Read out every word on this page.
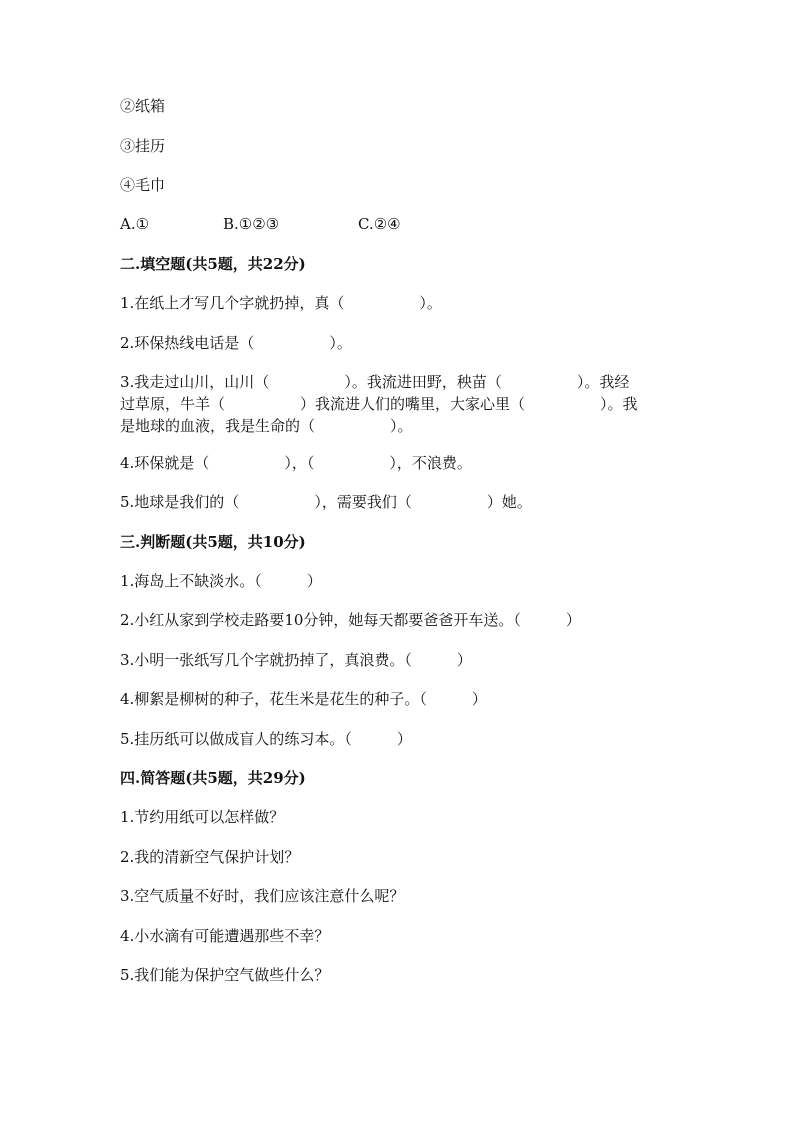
②纸箱
③挂历
④毛巾
A.①	B.①②③	C.②④
二.填空题(共5题，共22分)
1.在纸上才写几个字就扔掉，真（　　　　　）。
2.环保热线电话是（　　　　　）。
3.我走过山川，山川（　　　　　）。我流进田野，秧苗（　　　　　）。我经
过草原，牛羊（　　　　　）我流进人们的嘴里，大家心里（　　　　　）。我
是地球的血液，我是生命的（　　　　　）。
4.环保就是（　　　　　），（　　　　　），不浪费。
5.地球是我们的（　　　　　），需要我们（　　　　　）她。
三.判断题(共5题，共10分)
1.海岛上不缺淡水。（　　　）
2.小红从家到学校走路要10分钟，她每天都要爸爸开车送。（　　　）
3.小明一张纸写几个字就扔掉了，真浪费。（　　　）
4.柳絮是柳树的种子，花生米是花生的种子。（　　　）
5.挂历纸可以做成盲人的练习本。（　　　）
四.简答题(共5题，共29分)
1.节约用纸可以怎样做？
2.我的清新空气保护计划？
3.空气质量不好时，我们应该注意什么呢？
4.小水滴有可能遭遇那些不幸？
5.我们能为保护空气做些什么？
